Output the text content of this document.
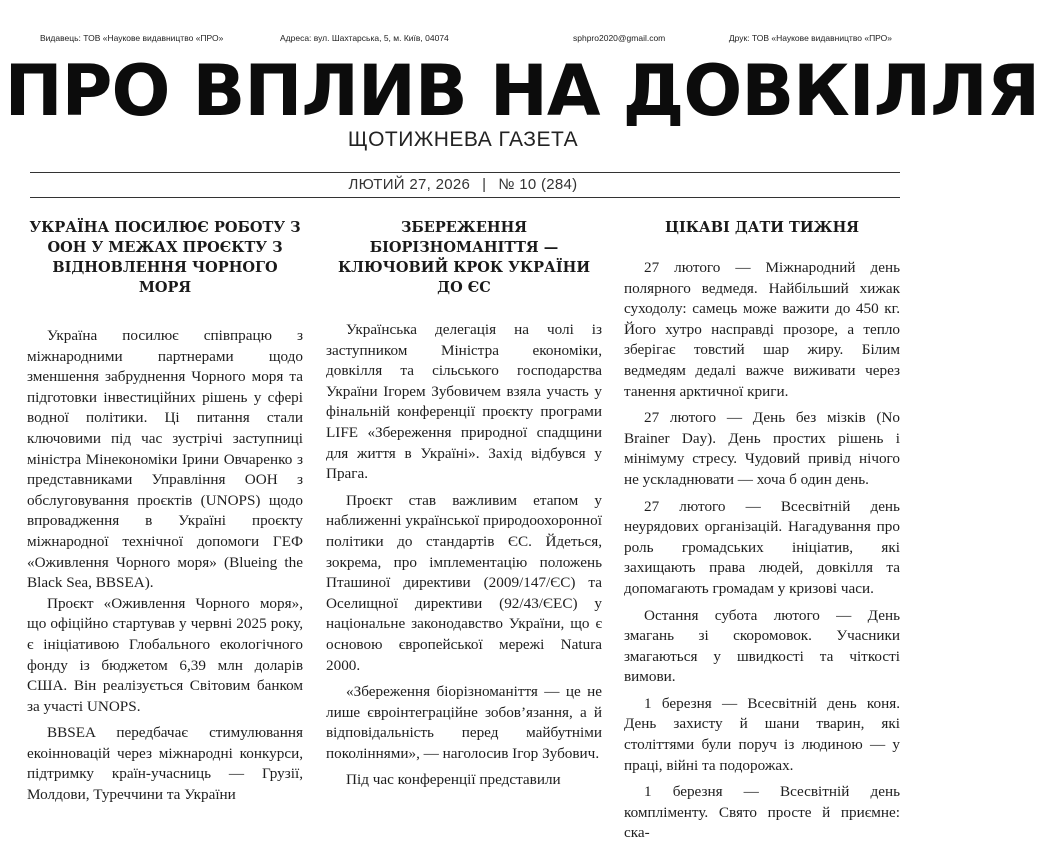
Видавець: ТОВ «Наукове видавництво «ПРО»	Адреса: вул. Шахтарська, 5, м. Київ, 04074	sphpro2020@gmail.com	Друк: ТОВ «Наукове видавництво «ПРО»
ПРО ВПЛИВ НА ДОВКІЛЛЯ
ЩОТИЖНЕВА ГАЗЕТА
ЛЮТИЙ 27, 2026 | № 10 (284)
УКРАЇНА ПОСИЛЮЄ РОБОТУ З ООН У МЕЖАХ ПРОЄКТУ З ВІДНОВЛЕННЯ ЧОРНОГО МОРЯ

Україна посилює співпрацю з міжнародними партнерами щодо зменшення забруднення Чорного моря та підготовки інвестиційних рішень у сфері водної політики. Ці питання стали ключовими під час зустрічі заступниці міністра Мінекономіки Ірини Овчаренко з представниками Управління ООН з обслуговування проєктів (UNOPS) щодо впровадження в Україні проєкту міжнародної технічної допомоги ГЕФ «Оживлення Чорного моря» (Blueing the Black Sea, BBSEA).

Проєкт «Оживлення Чорного моря», що офіційно стартував у червні 2025 року, є ініціативою Глобального екологічного фонду із бюджетом 6,39 млн доларів США. Він реалізується Світовим банком за участі UNOPS.

BBSEA передбачає стимулювання екоінновацій через міжнародні конкурси, підтримку країн-учасниць — Грузії, Молдови, Туреччини та України

ЗБЕРЕЖЕННЯ БІОРІЗНОМАНІТТЯ — КЛЮЧОВИЙ КРОК УКРАЇНИ ДО ЄС

Українська делегація на чолі із заступником Міністра економіки, довкілля та сільського господарства України Ігорем Зубовичем взяла участь у фінальній конференції проєкту програми LIFE «Збереження природної спадщини для життя в Україні». Захід відбувся у Прага.

Проєкт став важливим етапом у наближенні української природоохоронної політики до стандартів ЄС. Йдеться, зокрема, про імплементацію положень Пташиної директиви (2009/147/ЄС) та Оселищної директиви (92/43/ЄЕС) у національне законодавство України, що є основою європейської мережі Natura 2000.

«Збереження біорізноманіття — це не лише євроінтеграційне зобов’язання, а й відповідальність перед майбутніми поколіннями», — наголосив Ігор Зубович.

Під час конференції представили

ЦІКАВІ ДАТИ ТИЖНЯ

27 лютого — Міжнародний день полярного ведмедя. Найбільший хижак суходолу: самець може важити до 450 кг. Його хутро насправді прозоре, а тепло зберігає товстий шар жиру. Білим ведмедям дедалі важче виживати через танення арктичної криги.

27 лютого — День без мізків (No Brainer Day). День простих рішень і мінімуму стресу. Чудовий привід нічого не ускладнювати — хоча б один день.

27 лютого — Всесвітній день неурядових організацій. Нагадування про роль громадських ініціатив, які захищають права людей, довкілля та допомагають громадам у кризові часи.

Остання субота лютого — День змагань зі скоромовок. Учасники змагаються у швидкості та чіткості вимови.

1 березня — Всесвітній день коня. День захисту й шани тварин, які століттями були поруч із людиною — у праці, війні та подорожах.

1 березня — Всесвітній день компліменту. Свято просте й приємне: ска-
